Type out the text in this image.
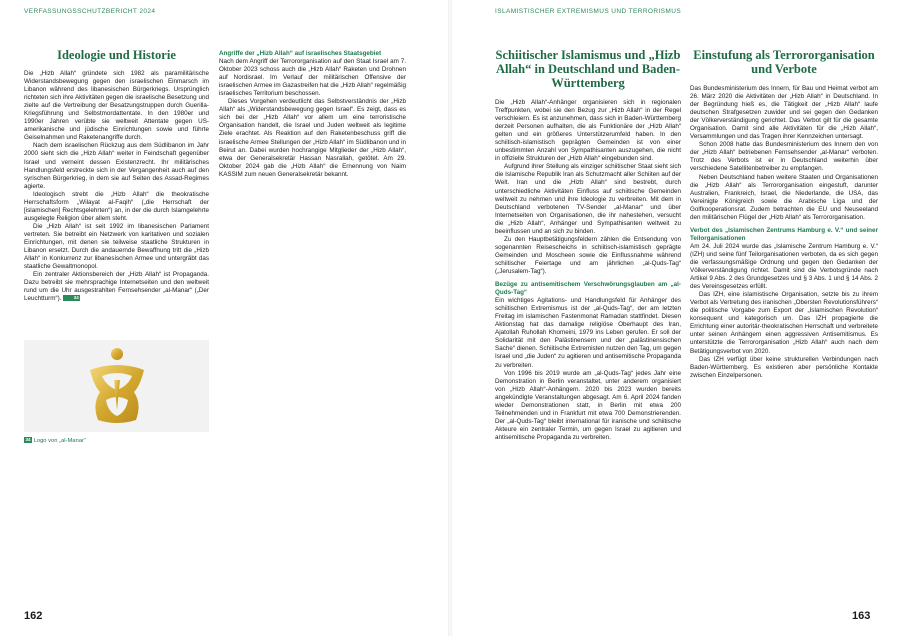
VERFASSUNGSSCHUTZBERICHT 2024	ISLAMISTISCHER EXTREMISMUS UND TERRORISMUS
Ideologie und Historie

Die „Hizb Allah“ gründete sich 1982 als paramilitärische Widerstandsbewegung gegen den israelischen Einmarsch im Libanon während des libanesischen Bürgerkriegs. Ursprünglich richteten sich ihre Aktivitäten gegen die israelische Besetzung und zielte auf die Vertreibung der Besatzungstruppen durch Guerilla-Kriegsführung und Selbstmordattentate. In den 1980er und 1990er Jahren verübte sie weltweit Attentate gegen US-amerikanische und jüdische Einrichtungen sowie und führte Geiselnahmen und Raketenangriffe durch.

Nach dem israelischen Rückzug aus dem Südlibanon im Jahr 2000 sieht sich die „Hizb Allah“ weiter in Feindschaft gegenüber Israel und verneint dessen Existenzrecht. Ihr militärisches Handlungsfeld erstreckte sich in der Vergangenheit auch auf den syrischen Bürgerkrieg, in dem sie auf Seiten des Assad-Regimes agierte.

Ideologisch strebt die „Hizb Allah“ die theokratische Herrschaftsform „Wilayat al-Faqih“ („die Herrschaft der [islamischen] Rechtsgelehrten“) an, in der die durch Islamgelehrte ausgelegte Religion über allem steht.

Die „Hizb Allah“ ist seit 1992 im libanesischen Parlament vertreten. Sie betreibt ein Netzwerk von karitativen und sozialen Einrichtungen, mit denen sie teilweise staatliche Strukturen in Libanon ersetzt. Durch die andauernde Bewaffnung tritt die „Hizb Allah“ in Konkurrenz zur libanesischen Armee und untergräbt das staatliche Gewaltmonopol.

Ein zentraler Aktionsbereich der „Hizb Allah“ ist Propaganda. Dazu betreibt sie mehrsprachige Internetseiten und den weltweit rund um die Uhr ausgestrahlten Fernsehsender „al-Manar“ („Der Leuchtturm“).	34

34 Logo von „al-Manar“

Angriffe der „Hizb Allah“ auf israelisches Staatsgebiet

Nach dem Angriff der Terrororganisation auf den Staat Israel am 7. Oktober 2023 schoss auch die „Hizb Allah“ Raketen und Drohnen auf Nordisrael. Im Verlauf der militärischen Offensive der israelischen Armee im Gazastreifen hat die „Hizb Allah“ regelmäßig israelisches Territorium beschossen.

Dieses Vorgehen verdeutlicht das Selbstverständnis der „Hizb Allah“ als „Widerstandsbewegung gegen Israel“. Es zeigt, dass es sich bei der „Hizb Allah“ vor allem um eine terroristische Organisation handelt, die Israel und Juden weltweit als legitime Ziele erachtet. Als Reaktion auf den Raketenbeschuss griff die israelische Armee Stellungen der „Hizb Allah“ im Südlibanon und in Beirut an. Dabei wurden hochrangige Mitglieder der „Hizb Allah“, etwa der Generalsekretär Hassan Nasrallah, getötet. Am 29. Oktober 2024 gab die „Hizb Allah“ die Ernennung von Naim KASSIM zum neuen Generalsekretär bekannt.

162
Schiitischer Islamismus und „Hizb Allah“ in Deutschland und Baden-Württemberg

Die „Hizb Allah“-Anhänger organisieren sich in regionalen Treffpunkten, wobei sie den Bezug zur „Hizb Allah“ in der Regel verschleiern. Es ist anzunehmen, dass sich in Baden-Württemberg derzeit Personen aufhalten, die als Funktionäre der „Hizb Allah“ gelten und ein größeres Unterstützerumfeld haben. In den schiitisch-islamistisch geprägten Gemeinden ist von einer unbestimmten Anzahl von Sympathisanten auszugehen, die nicht in offizielle Strukturen der „Hizb Allah“ eingebunden sind.

Aufgrund ihrer Stellung als einziger schiitischer Staat sieht sich die Islamische Republik Iran als Schutzmacht aller Schiiten auf der Welt. Iran und die „Hizb Allah“ sind bestrebt, durch unterschiedliche Aktivitäten Einfluss auf schiitische Gemeinden weltweit zu nehmen und ihre Ideologie zu verbreiten. Mit dem in Deutschland verbotenen TV-Sender „al-Manar“ und über Internetseiten von Organisationen, die ihr nahestehen, versucht die „Hizb Allah“, Anhänger und Sympathisanten weltweit zu beeinflussen und an sich zu binden.

Zu den Hauptbetätigungsfeldern zählen die Entsendung von sogenannten Reisescheichs in schiitisch-islamistisch geprägte Gemeinden und Moscheen sowie die Einflussnahme während schiitischer Feiertage und am jährlichen „al-Quds-Tag“ („Jerusalem-Tag“).

Bezüge zu antisemitischem Verschwörungsglauben am „al-Quds-Tag“

Ein wichtiges Agitations- und Handlungsfeld für Anhänger des schiitischen Extremismus ist der „al-Quds-Tag“, der am letzten Freitag im islamischen Fastenmonat Ramadan stattfindet. Diesen Aktionstag hat das damalige religiöse Oberhaupt des Iran, Ajatollah Ruhollah Khomeini, 1979 ins Leben gerufen. Er soll der Solidarität mit den Palästinensern und der „palästinensischen Sache“ dienen. Schiitische Extremisten nutzen den Tag, um gegen Israel und „die Juden“ zu agitieren und antisemitische Propaganda zu verbreiten.

Von 1996 bis 2019 wurde am „al-Quds-Tag“ jedes Jahr eine Demonstration in Berlin veranstaltet, unter anderem organisiert von „Hizb Allah“-Anhängern. 2020 bis 2023 wurden bereits angekündigte Veranstaltungen abgesagt. Am 6. April 2024 fanden wieder Demonstrationen statt, in Berlin mit etwa 200 Teilnehmenden und in Frankfurt mit etwa 700 Demonstrierenden. Der „al-Quds-Tag“ bleibt international für iranische und schiitische Akteure ein zentraler Termin, um gegen Israel zu agitieren und antisemitische Propaganda zu verbreiten.

Einstufung als Terrororganisation und Verbote

Das Bundesministerium des Innern, für Bau und Heimat verbot am 26. März 2020 die Aktivitäten der „Hizb Allah“ in Deutschland. In der Begründung hieß es, die Tätigkeit der „Hizb Allah“ laufe deutschen Strafgesetzen zuwider und sei gegen den Gedanken der Völkerverständigung gerichtet. Das Verbot gilt für die gesamte Organisation. Damit sind alle Aktivitäten für die „Hizb Allah“, Versammlungen und das Tragen ihrer Kennzeichen untersagt.

Schon 2008 hatte das Bundesministerium des Innern den von der „Hizb Allah“ betriebenen Fernsehsender „al-Manar“ verboten. Trotz des Verbots ist er in Deutschland weiterhin über verschiedene Satellitenbetreiber zu empfangen.

Neben Deutschland haben weitere Staaten und Organisationen die „Hizb Allah“ als Terrororganisation eingestuft, darunter Australien, Frankreich, Israel, die Niederlande, die USA, das Vereinigte Königreich sowie die Arabische Liga und der Golfkooperationsrat. Zudem betrachten die EU und Neuseeland den militärischen Flügel der „Hizb Allah“ als Terrororganisation.

Verbot des „Islamischen Zentrums Hamburg e. V.“ und seiner Teilorganisationen

Am 24. Juli 2024 wurde das „Islamische Zentrum Hamburg e. V.“ (IZH) und seine fünf Teilorganisationen verboten, da es sich gegen die verfassungsmäßige Ordnung und gegen den Gedanken der Völkerverständigung richtet. Damit sind die Verbotsgründe nach Artikel 9 Abs. 2 des Grundgesetzes und § 3 Abs. 1 und § 14 Abs. 2 des Vereinsgesetzes erfüllt.

Das IZH, eine islamistische Organisation, setzte bis zu ihrem Verbot als Vertretung des iranischen „Obersten Revolutionsführers“ die politische Vorgabe zum Export der „Islamischen Revolution“ konsequent und kategorisch um. Das IZH propagierte die Errichtung einer autoritär-theokratischen Herrschaft und verbreitete unter seinen Anhängern einen aggressiven Antisemitismus. Es unterstützte die Terrororganisation „Hizb Allah“ auch nach dem Betätigungsverbot von 2020.

Das IZH verfügt über keine strukturellen Verbindungen nach Baden-Württemberg. Es existieren aber persönliche Kontakte zwischen Einzelpersonen.

163
